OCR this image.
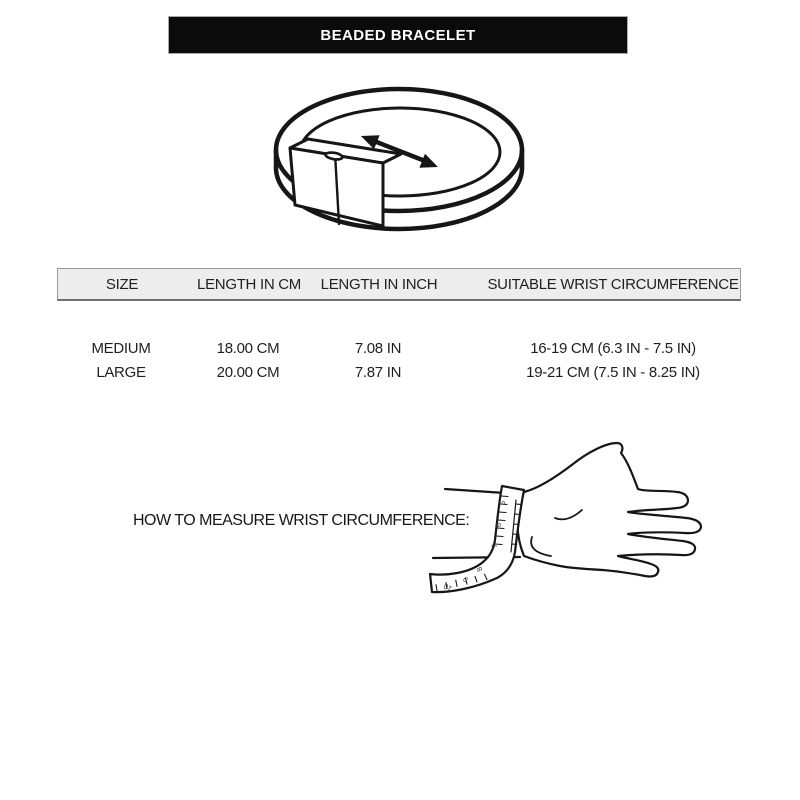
BEADED BRACELET
SIZE	LENGTH IN CM	LENGTH IN INCH	SUITABLE WRIST CIRCUMFERENCE
MEDIUM	18.00 CM	7.08 IN	16-19 CM (6.3 IN - 7.5 IN)
LARGE	20.00 CM	7.87 IN	19-21 CM (7.5 IN - 8.25 IN)
HOW TO MEASURE WRIST CIRCUMFERENCE:
5
6
7
8
9
10
